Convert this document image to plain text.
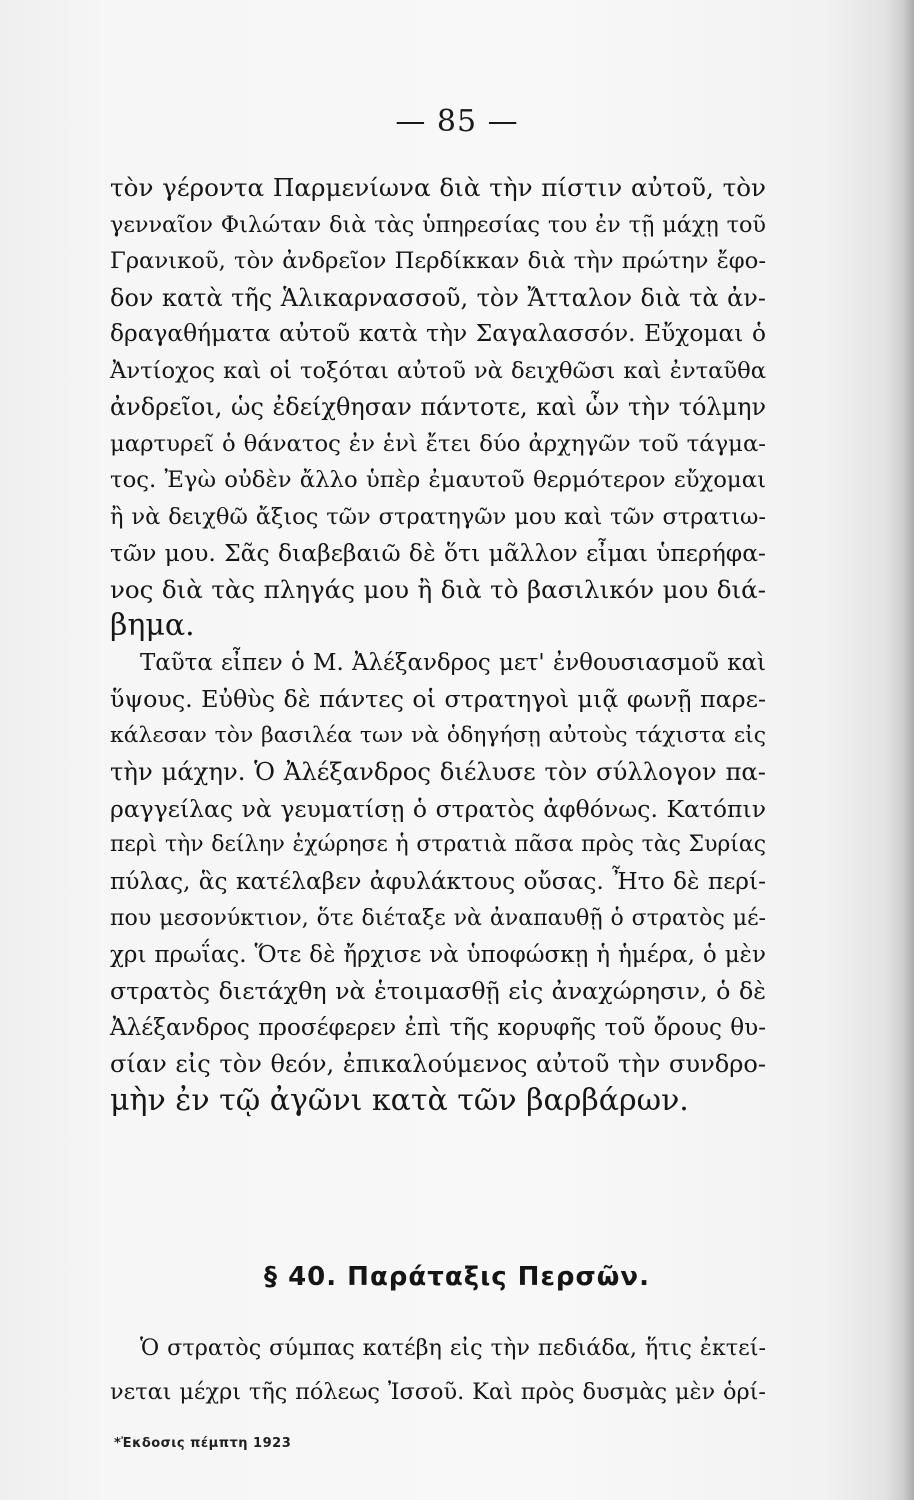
— 85 —
τὸν γέροντα Παρμενίωνα διὰ τὴν πίστιν αὐτοῦ, τὸν
γενναῖον Φιλώταν διὰ τὰς ὑπηρεσίας του ἐν τῇ μάχῃ τοῦ
Γρανικοῦ, τὸν ἀνδρεῖον Περδίκκαν διὰ τὴν πρώτην ἔφο-
δον κατὰ τῆς Ἁλικαρνασσοῦ, τὸν Ἄτταλον διὰ τὰ ἀν-
δραγαθήματα αὐτοῦ κατὰ τὴν Σαγαλασσόν. Εὔχομαι ὁ
Ἀντίοχος καὶ οἱ τοξόται αὐτοῦ νὰ δειχθῶσι καὶ ἐνταῦθα
ἀνδρεῖοι, ὡς ἐδείχθησαν πάντοτε, καὶ ὧν τὴν τόλμην
μαρτυρεῖ ὁ θάνατος ἐν ἑνὶ ἔτει δύο ἀρχηγῶν τοῦ τάγμα-
τος. Ἐγὼ οὐδὲν ἄλλο ὑπὲρ ἐμαυτοῦ θερμότερον εὔχομαι
ἢ νὰ δειχθῶ ἄξιος τῶν στρατηγῶν μου καὶ τῶν στρατιω-
τῶν μου. Σᾶς διαβεβαιῶ δὲ ὅτι μᾶλλον εἶμαι ὑπερήφα-
νος διὰ τὰς πληγάς μου ἢ διὰ τὸ βασιλικόν μου διά-
βημα.
Ταῦτα εἶπεν ὁ Μ. Ἀλέξανδρος μετ' ἐνθουσιασμοῦ καὶ
ὕψους. Εὐθὺς δὲ πάντες οἱ στρατηγοὶ μιᾷ φωνῇ παρε-
κάλεσαν τὸν βασιλέα των νὰ ὁδηγήσῃ αὐτοὺς τάχιστα εἰς
τὴν μάχην. Ὁ Ἀλέξανδρος διέλυσε τὸν σύλλογον πα-
ραγγείλας νὰ γευματίσῃ ὁ στρατὸς ἀφθόνως. Κατόπιν
περὶ τὴν δείλην ἐχώρησε ἡ στρατιὰ πᾶσα πρὸς τὰς Συρίας
πύλας, ἃς κατέλαβεν ἀφυλάκτους οὔσας. Ἦτο δὲ περί-
που μεσονύκτιον, ὅτε διέταξε νὰ ἀναπαυθῇ ὁ στρατὸς μέ-
χρι πρωΐας. Ὅτε δὲ ἤρχισε νὰ ὑποφώσκῃ ἡ ἡμέρα, ὁ μὲν
στρατὸς διετάχθη νὰ ἑτοιμασθῇ εἰς ἀναχώρησιν, ὁ δὲ
Ἀλέξανδρος προσέφερεν ἐπὶ τῆς κορυφῆς τοῦ ὄρους θυ-
σίαν εἰς τὸν θεόν, ἐπικαλούμενος αὐτοῦ τὴν συνδρο-
μὴν ἐν τῷ ἀγῶνι κατὰ τῶν βαρβάρων.
§ 40. Παράταξις Περσῶν.
Ὁ στρατὸς σύμπας κατέβη εἰς τὴν πεδιάδα, ἥτις ἐκτεί-
νεται μέχρι τῆς πόλεως Ἰσσοῦ. Καὶ πρὸς δυσμὰς μὲν ὁρί-
*Ἐκδοσις πέμπτη 1923
